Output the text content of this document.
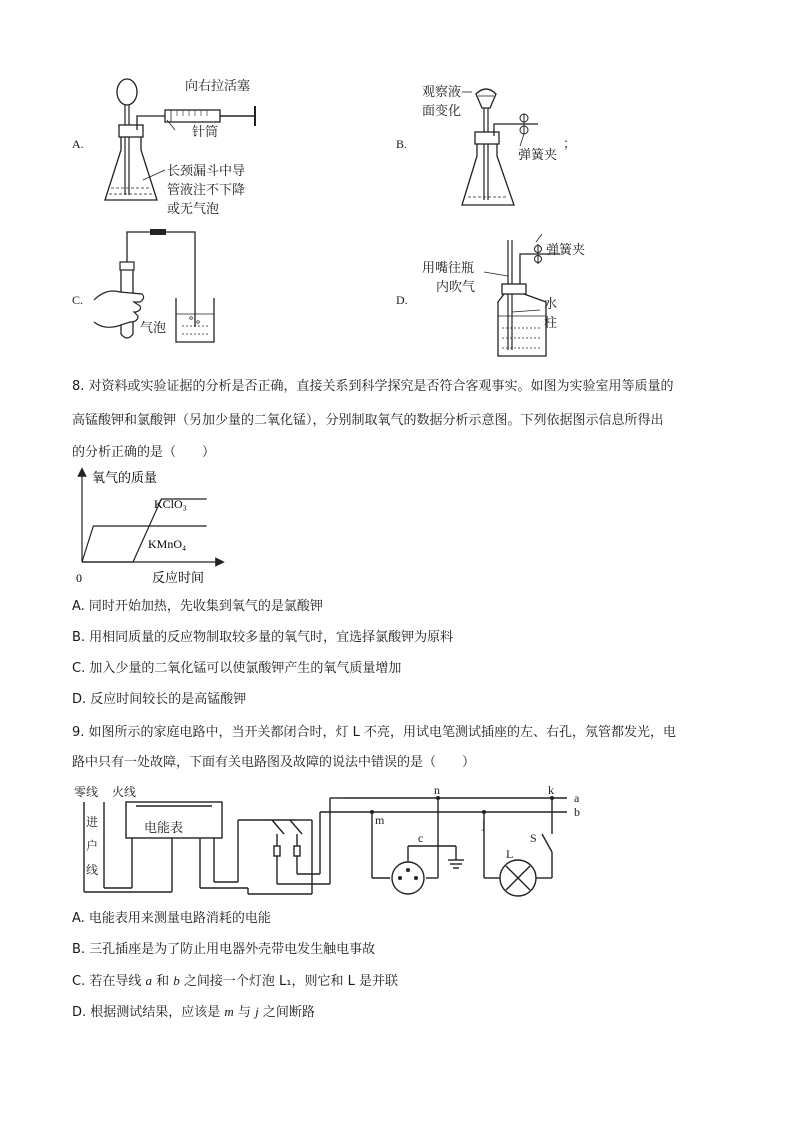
A.
向右拉活塞
针筒
长颈漏斗中导
管液注不下降
或无气泡
B.
观察液
面变化
弹簧夹
；
C.
气泡
D.
用嘴往瓶
内吹气
弹簧夹
水
柱
8. 对资料或实验证据的分析是否正确，直接关系到科学探究是否符合客观事实。如图为实验室用等质量的
高锰酸钾和氯酸钾（另加少量的二氧化锰），分别制取氧气的数据分析示意图。下列依据图示信息所得出
的分析正确的是（　　）
氧气的质量
反应时间
0
KClO₃
KMnO₄
A. 同时开始加热，先收集到氧气的是氯酸钾
B. 用相同质量的反应物制取较多量的氧气时，宜选择氯酸钾为原料
C. 加入少量的二氧化锰可以使氯酸钾产生的氧气质量增加
D. 反应时间较长的是高锰酸钾
9. 如图所示的家庭电路中，当开关都闭合时，灯 L 不亮，用试电笔测试插座的左、右孔，氖管都发光，电
路中只有一处故障，下面有关电路图及故障的说法中错误的是（　　）
零线 火线
进
户
线
电能表
n	k
a
b
m	j
c	S
L
A. 电能表用来测量电路消耗的电能
B. 三孔插座是为了防止用电器外壳带电发生触电事故
C. 若在导线 a 和 b 之间接一个灯泡 L₁，则它和 L 是并联
D. 根据测试结果，应该是 m 与 j 之间断路
